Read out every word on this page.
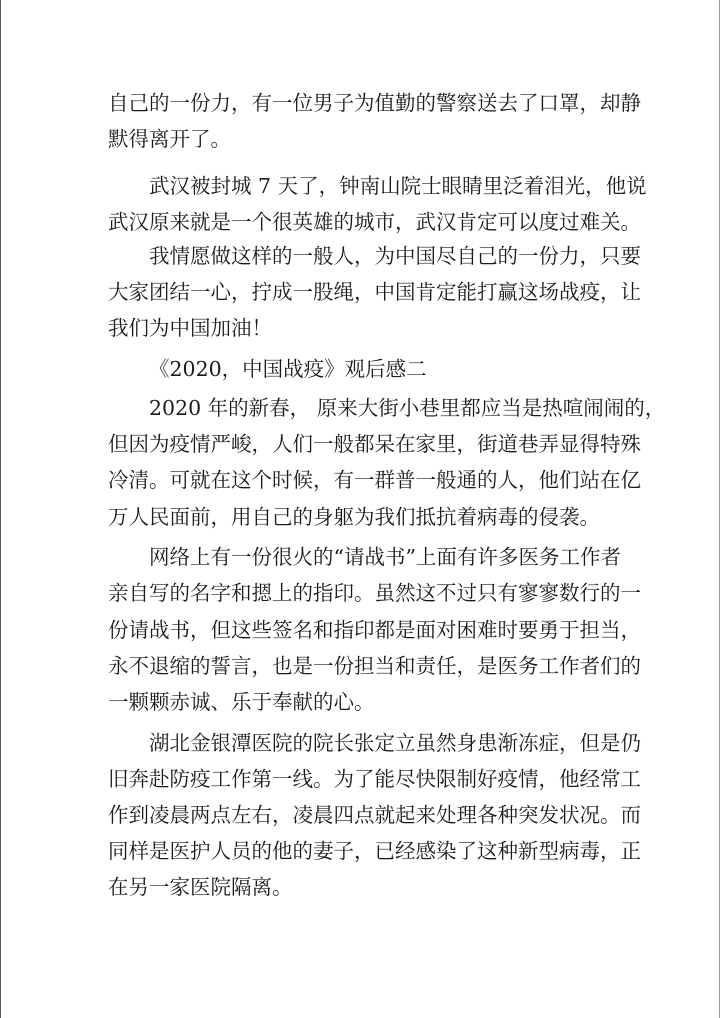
自己的一份力，有一位男子为值勤的警察送去了口罩，却静
默得离开了。
武汉被封城 7 天了，钟南山院士眼睛里泛着泪光，他说
武汉原来就是一个很英雄的城市，武汉肯定可以度过难关。
我情愿做这样的一般人，为中国尽自己的一份力，只要
大家团结一心，拧成一股绳，中国肯定能打赢这场战疫，让
我们为中国加油！
《2020，中国战疫》观后感二
2020 年的新春， 原来大街小巷里都应当是热喧闹闹的，
但因为疫情严峻，人们一般都呆在家里，街道巷弄显得特殊
冷清。可就在这个时候，有一群普一般通的人，他们站在亿
万人民面前，用自己的身躯为我们抵抗着病毒的侵袭。
网络上有一份很火的“请战书”上面有许多医务工作者
亲自写的名字和摁上的指印。虽然这不过只有寥寥数行的一
份请战书，但这些签名和指印都是面对困难时要勇于担当，
永不退缩的誓言，也是一份担当和责任，是医务工作者们的
一颗颗赤诚、乐于奉献的心。
湖北金银潭医院的院长张定立虽然身患渐冻症，但是仍
旧奔赴防疫工作第一线。为了能尽快限制好疫情，他经常工
作到凌晨两点左右，凌晨四点就起来处理各种突发状况。而
同样是医护人员的他的妻子，已经感染了这种新型病毒，正
在另一家医院隔离。
